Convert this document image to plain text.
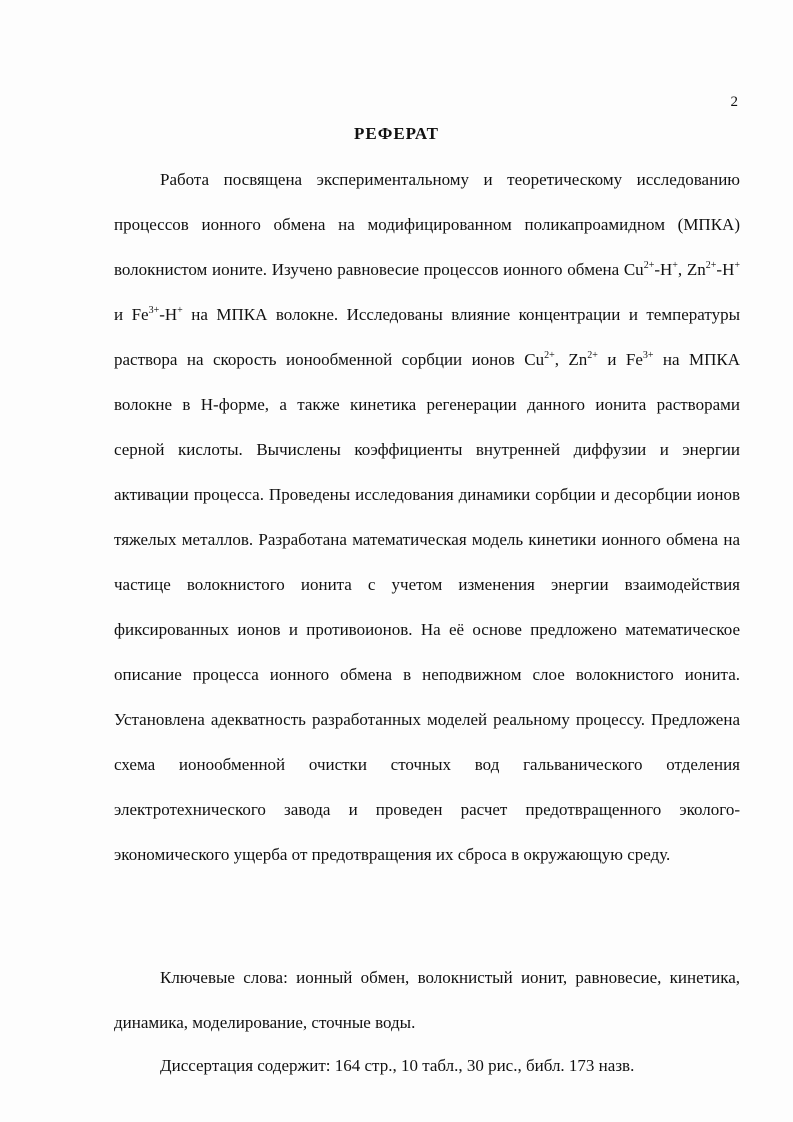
2
РЕФЕРАТ

Работа посвящена экспериментальному и теоретическому исследованию процессов ионного обмена на модифицированном поликапроамидном (МПКА) волокнистом ионите. Изучено равновесие процессов ионного обмена $Cu^{2+}-H^+$, $Zn^{2+}-H^+$ и $Fe^{3+}-H^+$ на МПКА волокне. Исследованы влияние концентрации и температуры раствора на скорость ионообменной сорбции ионов $Cu^{2+}$, $Zn^{2+}$ и $Fe^{3+}$ на МПКА волокне в Н-форме, а также кинетика регенерации данного ионита растворами серной кислоты. Вычислены коэффициенты внутренней диффузии и энергии активации процесса. Проведены исследования динамики сорбции и десорбции ионов тяжелых металлов. Разработана математическая модель кинетики ионного обмена на частице волокнистого ионита с учетом изменения энергии взаимодействия фиксированных ионов и противоионов. На её основе предложено математическое описание процесса ионного обмена в неподвижном слое волокнистого ионита. Установлена адекватность разработанных моделей реальному процессу. Предложена схема ионообменной очистки сточных вод гальванического отделения электротехнического завода и проведен расчет предотвращенного эколого-экономического ущерба от предотвращения их сброса в окружающую среду.

Ключевые слова: ионный обмен, волокнистый ионит, равновесие, кинетика, динамика, моделирование, сточные воды.

Диссертация содержит: 164 стр., 10 табл., 30 рис., библ. 173 назв.
